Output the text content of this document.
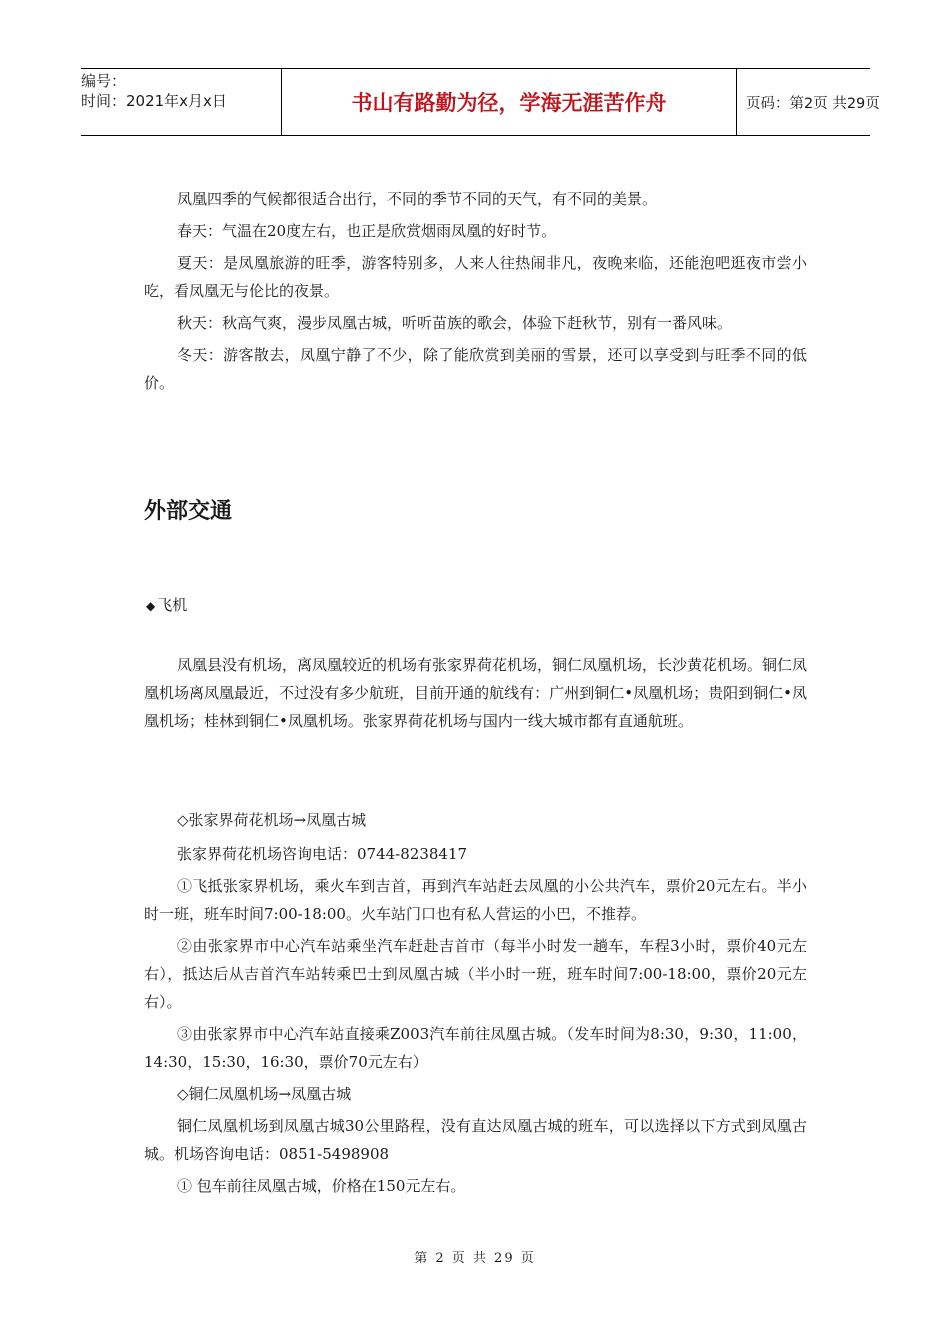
编号：
时间：2021年x月x日	书山有路勤为径，学海无涯苦作舟	页码：第2页 共29页

凤凰四季的气候都很适合出行，不同的季节不同的天气，有不同的美景。

春天：气温在20度左右，也正是欣赏烟雨凤凰的好时节。

夏天：是凤凰旅游的旺季，游客特别多，人来人往热闹非凡，夜晚来临，还能泡吧逛夜市尝小吃，看凤凰无与伦比的夜景。

秋天：秋高气爽，漫步凤凰古城，听听苗族的歌会，体验下赶秋节，别有一番风味。

冬天：游客散去，凤凰宁静了不少，除了能欣赏到美丽的雪景，还可以享受到与旺季不同的低价。

外部交通
◆ 飞机

凤凰县没有机场，离凤凰较近的机场有张家界荷花机场，铜仁凤凰机场，长沙黄花机场。铜仁凤凰机场离凤凰最近，不过没有多少航班，目前开通的航线有：广州到铜仁•凤凰机场；贵阳到铜仁•凤凰机场；桂林到铜仁•凤凰机场。张家界荷花机场与国内一线大城市都有直通航班。

◇张家界荷花机场→凤凰古城

张家界荷花机场咨询电话：0744-8238417

①飞抵张家界机场，乘火车到吉首，再到汽车站赶去凤凰的小公共汽车，票价20元左右。半小时一班，班车时间7:00-18:00。火车站门口也有私人营运的小巴，不推荐。

②由张家界市中心汽车站乘坐汽车赶赴吉首市（每半小时发一趟车，车程3小时，票价40元左右），抵达后从吉首汽车站转乘巴士到凤凰古城（半小时一班，班车时间7:00-18:00，票价20元左右）。

③由张家界市中心汽车站直接乘Z003汽车前往凤凰古城。（发车时间为8:30，9:30，11:00，14:30，15:30，16:30，票价70元左右）

◇铜仁凤凰机场→凤凰古城

铜仁凤凰机场到凤凰古城30公里路程，没有直达凤凰古城的班车，可以选择以下方式到凤凰古城。机场咨询电话：0851-5498908

① 包车前往凤凰古城，价格在150元左右。

第 2 页 共 29 页
